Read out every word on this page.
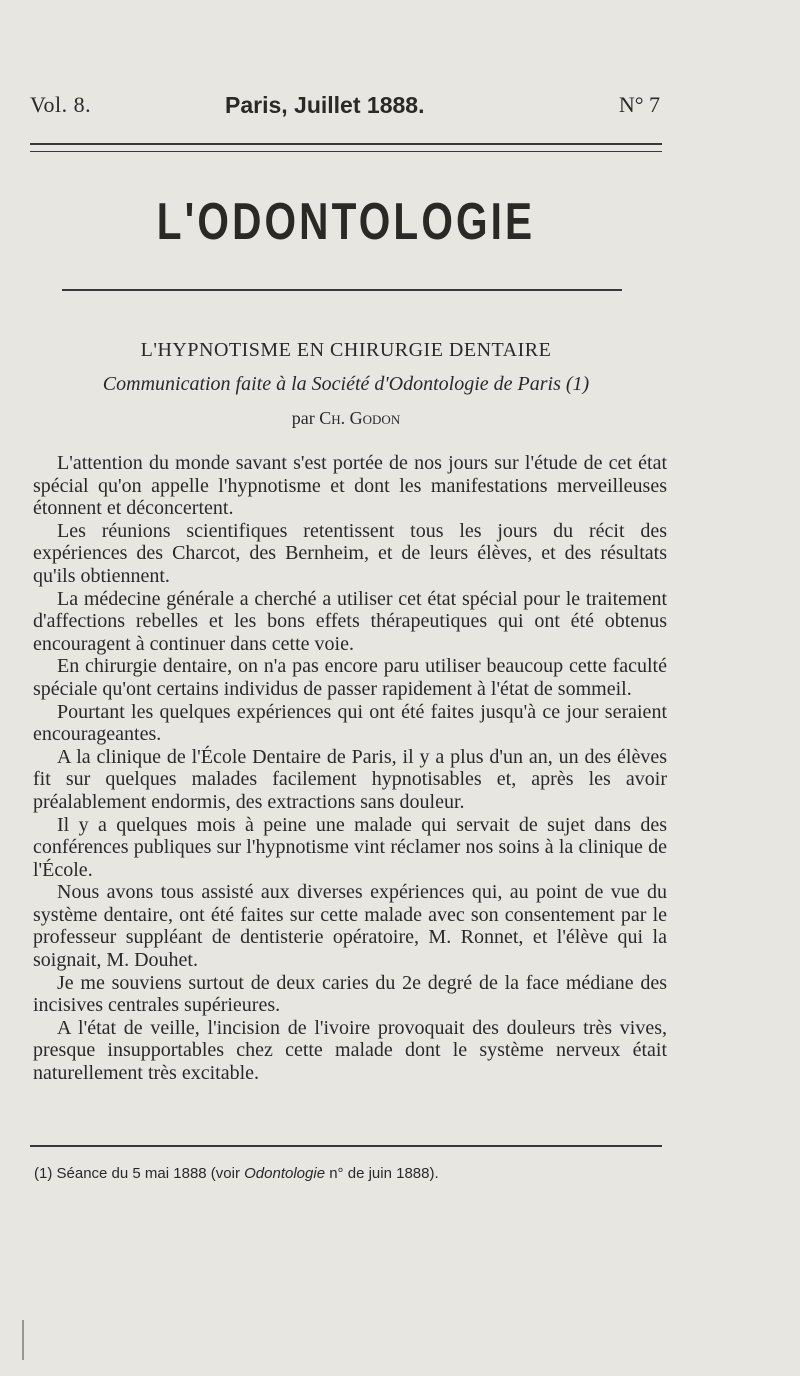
Vol. 8.	Paris, Juillet 1888.	N° 7
L'ODONTOLOGIE
L'HYPNOTISME EN CHIRURGIE DENTAIRE
Communication faite à la Société d'Odontologie de Paris (1)
par Ch. Godon

L'attention du monde savant s'est portée de nos jours sur l'étude de cet état spécial qu'on appelle l'hypnotisme et dont les manifestations merveilleuses étonnent et déconcertent.

Les réunions scientifiques retentissent tous les jours du récit des expériences des Charcot, des Bernheim, et de leurs élèves, et des résultats qu'ils obtiennent.

La médecine générale a cherché a utiliser cet état spécial pour le traitement d'affections rebelles et les bons effets thérapeutiques qui ont été obtenus encouragent à continuer dans cette voie.

En chirurgie dentaire, on n'a pas encore paru utiliser beaucoup cette faculté spéciale qu'ont certains individus de passer rapidement à l'état de sommeil.

Pourtant les quelques expériences qui ont été faites jusqu'à ce jour seraient encourageantes.

A la clinique de l'École Dentaire de Paris, il y a plus d'un an, un des élèves fit sur quelques malades facilement hypnotisables et, après les avoir préalablement endormis, des extractions sans douleur.

Il y a quelques mois à peine une malade qui servait de sujet dans des conférences publiques sur l'hypnotisme vint réclamer nos soins à la clinique de l'École.

Nous avons tous assisté aux diverses expériences qui, au point de vue du système dentaire, ont été faites sur cette malade avec son consentement par le professeur suppléant de dentisterie opératoire, M. Ronnet, et l'élève qui la soignait, M. Douhet.

Je me souviens surtout de deux caries du 2e degré de la face médiane des incisives centrales supérieures.

A l'état de veille, l'incision de l'ivoire provoquait des douleurs très vives, presque insupportables chez cette malade dont le système nerveux était naturellement très excitable.

(1) Séance du 5 mai 1888 (voir Odontologie n° de juin 1888).
